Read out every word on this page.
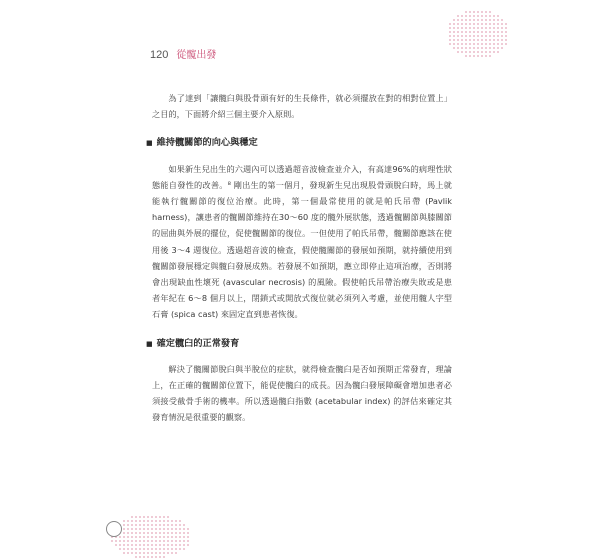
120 從髖出發

為了達到「讓髖臼與股骨頭有好的生長條件，就必須擺放在對的相對位置上」之目的，下面將介紹三個主要介入原則。

■ 維持髖關節的向心與穩定

如果新生兒出生的六週內可以透過超音波檢查並介入，有高達96%的病理性狀態能自發性的改善。⁸ 剛出生的第一個月，發現新生兒出現股骨頭脫臼時，馬上就能執行髖關節的復位治療。此時，第一個最常使用的就是帕氏吊帶 (Pavlik harness)，讓患者的髖關節維持在30～60 度的髖外展狀態，透過髖關節與膝關節的屈曲與外展的擺位，促使髖關節的復位。一但使用了帕氏吊帶，髖關節應該在使用後 3～4 週復位。透過超音波的檢查，假使髖關節的發展如預期，就持續使用到髖關節發展穩定與髖臼發展成熟。若發展不如預期，應立即停止這項治療，否則將會出現缺血性壞死 (avascular necrosis) 的風險。假使帕氏吊帶治療失敗或是患者年紀在 6～8 個月以上，閉鎖式或開放式復位就必須列入考慮，並使用髖人字型石膏 (spica cast) 來固定直到患者恢復。

■ 確定髖臼的正常發育

解決了髖關節脫臼與半脫位的症狀，就得檢查髖臼是否如預期正常發育，理論上，在正確的髖關節位置下，能促使髖臼的成長。因為髖臼發展障礙會增加患者必須接受截骨手術的機率。所以透過髖臼指數 (acetabular index) 的評估來確定其發育情況是很重要的觀察。
